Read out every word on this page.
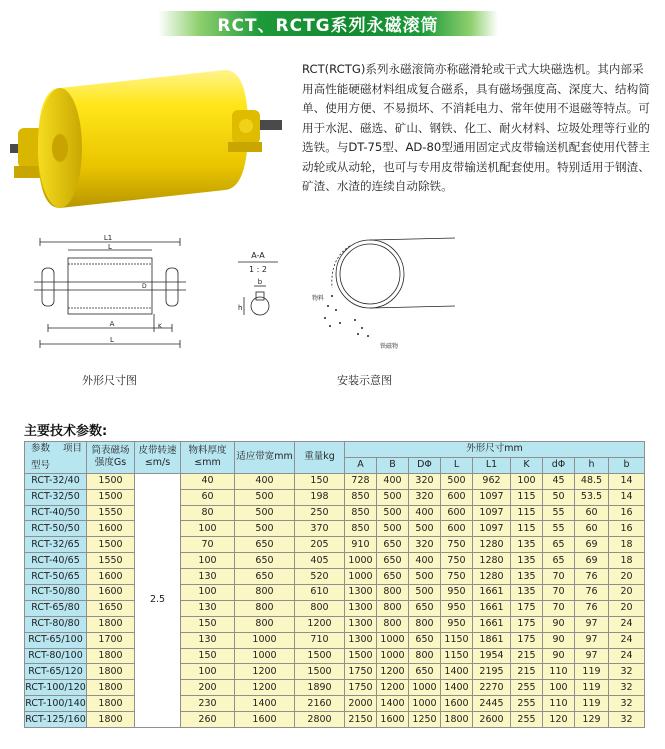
RCT、RCTG系列永磁滚筒

RCT(RCTG)系列永磁滚筒亦称磁滑轮或干式大块磁选机。其内部采用高性能硬磁材料组成复合磁系，具有磁场强度高、深度大、结构简单、使用方便、不易损坏、不消耗电力、常年使用不退磁等特点。可用于水泥、磁选、矿山、钢铁、化工、耐火材料、垃圾处理等行业的选铁。与DT-75型、AD-80型通用固定式皮带输送机配套使用代替主动轮或从动轮，也可与专用皮带输送机配套使用。特别适用于钢渣、矿渣、水渣的连续自动除铁。

L1
L
A
L
D
K
外形尺寸图
A-A
1 : 2
h
b
物料
铁磁物
安装示意图
主要技术参数:
参数 项目
型号	筒表磁场强度Gs	皮带转速≤m/s	物料厚度≤mm	适应带宽mm	重量kg	外形尺寸mm								
						A	B	DΦ	L	L1	K	dΦ	h	b
RCT-32/40	1500	2.5	40	400	150	728	400	320	500	962	100	45	48.5	14
RCT-32/50	1500		60	500	198	850	500	320	600	1097	115	50	53.5	14
RCT-40/50	1550		80	500	250	850	500	400	600	1097	115	55	60	16
RCT-50/50	1600		100	500	370	850	500	500	600	1097	115	55	60	16
RCT-32/65	1500		70	650	205	910	650	320	750	1280	135	65	69	18
RCT-40/65	1550		100	650	405	1000	650	400	750	1280	135	65	69	18
RCT-50/65	1600		130	650	520	1000	650	500	750	1280	135	70	76	20
RCT-50/80	1600		100	800	610	1300	800	500	950	1661	135	70	76	20
RCT-65/80	1650		130	800	800	1300	800	650	950	1661	175	70	76	20
RCT-80/80	1800		150	800	1200	1300	800	800	950	1661	175	90	97	24
RCT-65/100	1700		130	1000	710	1300	1000	650	1150	1861	175	90	97	24
RCT-80/100	1800		150	1000	1500	1500	1000	800	1150	1954	215	90	97	24
RCT-65/120	1800		100	1200	1500	1750	1200	650	1400	2195	215	110	119	32
RCT-100/120	1800		200	1200	1890	1750	1200	1000	1400	2270	255	100	119	32
RCT-100/140	1800		230	1400	2160	2000	1400	1000	1600	2445	255	110	119	32
RCT-125/160	1800		260	1600	2800	2150	1600	1250	1800	2600	255	120	129	32
